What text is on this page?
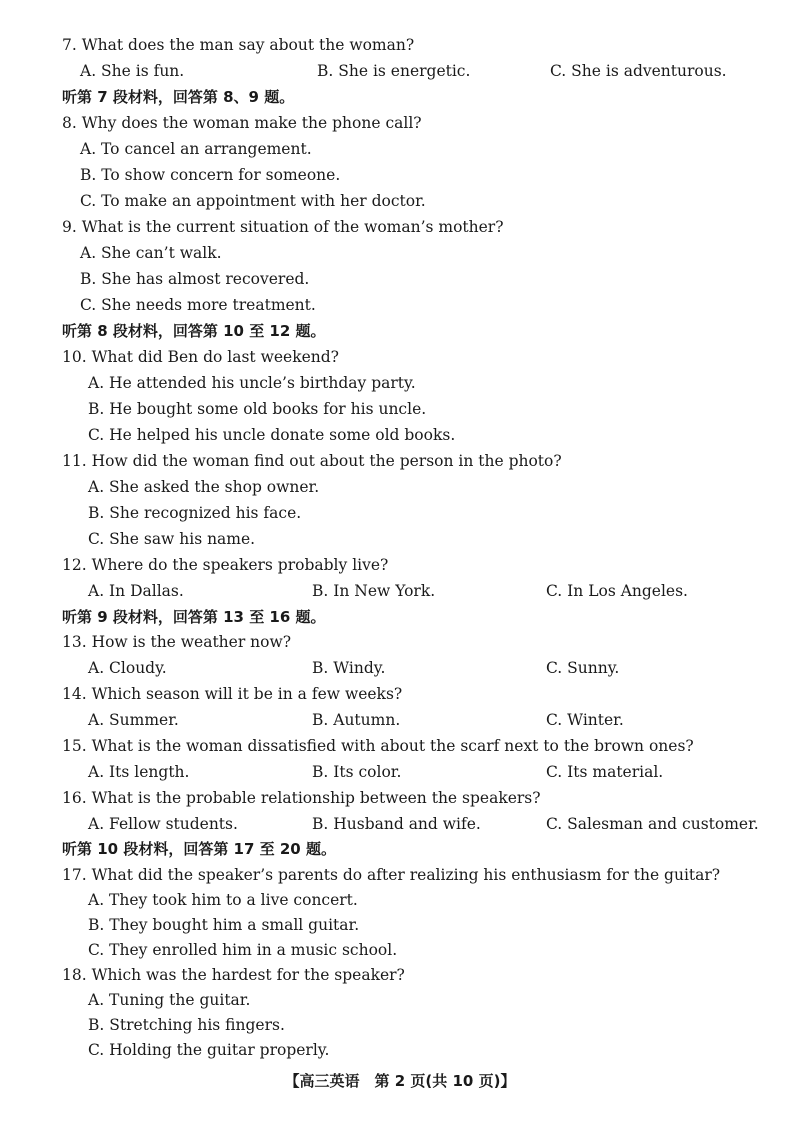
7. What does the man say about the woman?
A. She is fun.	B. She is energetic.	C. She is adventurous.
听第 7 段材料，回答第 8、9 题。
8. Why does the woman make the phone call?
A. To cancel an arrangement.
B. To show concern for someone.
C. To make an appointment with her doctor.
9. What is the current situation of the woman’s mother?
A. She can’t walk.
B. She has almost recovered.
C. She needs more treatment.
听第 8 段材料，回答第 10 至 12 题。
10. What did Ben do last weekend?
A. He attended his uncle’s birthday party.
B. He bought some old books for his uncle.
C. He helped his uncle donate some old books.
11. How did the woman find out about the person in the photo?
A. She asked the shop owner.
B. She recognized his face.
C. She saw his name.
12. Where do the speakers probably live?
A. In Dallas.	B. In New York.	C. In Los Angeles.
听第 9 段材料，回答第 13 至 16 题。
13. How is the weather now?
A. Cloudy.	B. Windy.	C. Sunny.
14. Which season will it be in a few weeks?
A. Summer.	B. Autumn.	C. Winter.
15. What is the woman dissatisfied with about the scarf next to the brown ones?
A. Its length.	B. Its color.	C. Its material.
16. What is the probable relationship between the speakers?
A. Fellow students.	B. Husband and wife.	C. Salesman and customer.
听第 10 段材料，回答第 17 至 20 题。
17. What did the speaker’s parents do after realizing his enthusiasm for the guitar?
A. They took him to a live concert.
B. They bought him a small guitar.
C. They enrolled him in a music school.
18. Which was the hardest for the speaker?
A. Tuning the guitar.
B. Stretching his fingers.
C. Holding the guitar properly.
【高三英语　第 2 页(共 10 页)】
